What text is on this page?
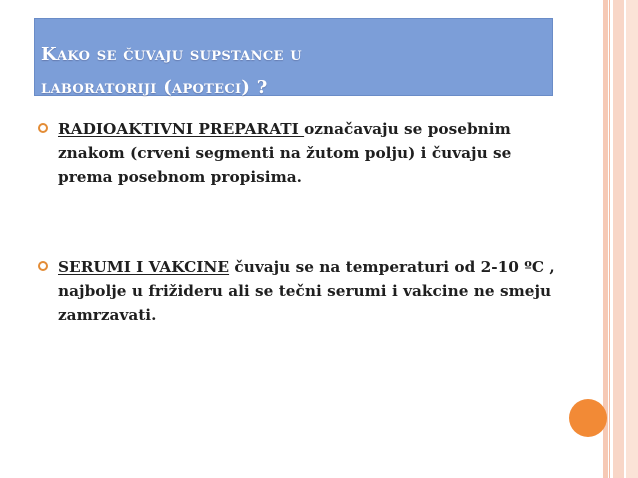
Kako se čuvaju supstance u
laboratoriji (apoteci) ?
RADIOAKTIVNI PREPARATI označavaju se posebnim znakom (crveni segmenti na žutom polju) i čuvaju se prema posebnom propisima.
SERUMI I VAKCINE čuvaju se na temperaturi od 2-10 ºC , najbolje u frižideru ali se tečni serumi i vakcine ne smeju zamrzavati.
